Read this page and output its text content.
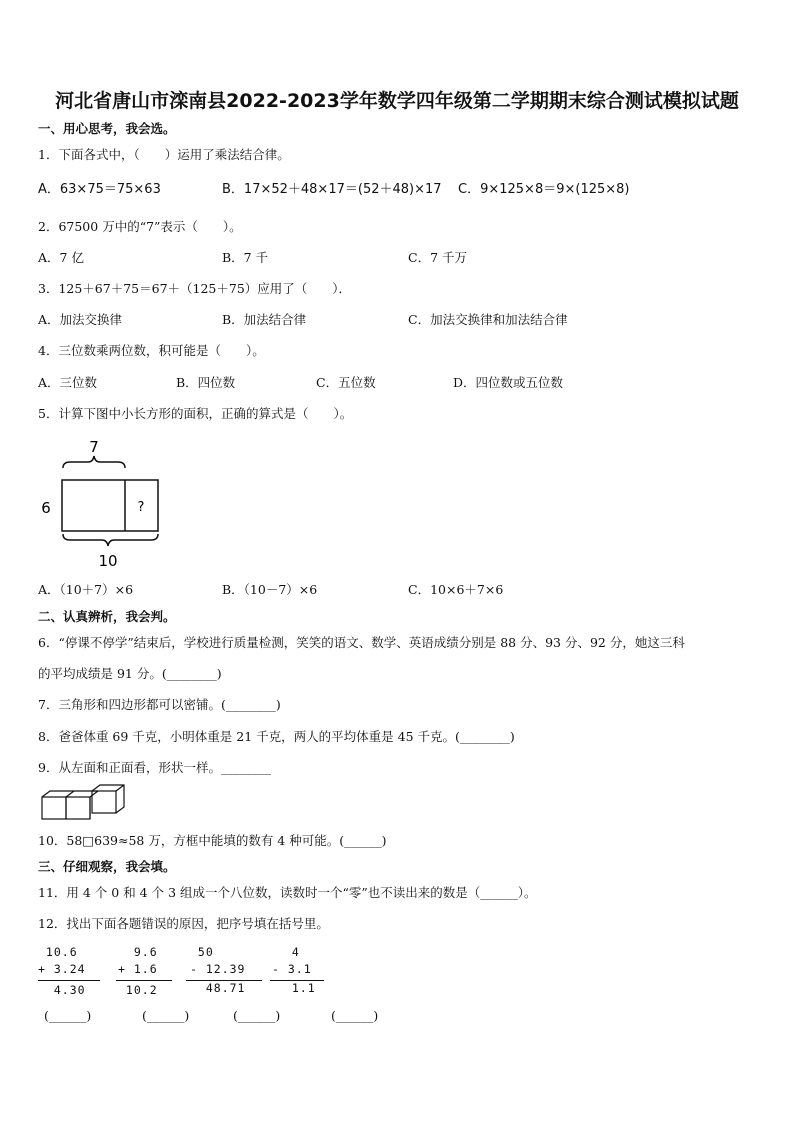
河北省唐山市滦南县2022-2023学年数学四年级第二学期期末综合测试模拟试题
一、用心思考，我会选。
1．下面各式中，（　　）运用了乘法结合律。
A．63×75＝75×63	B．17×52＋48×17＝(52＋48)×17 C．9×125×8＝9×(125×8)
2．67500 万中的“7”表示（　　）。
A．7 亿	B．7 千	C．7 千万
3．125＋67＋75＝67＋（125＋75）应用了（　　）．
A．加法交换律	B．加法结合律	C．加法交换律和加法结合律
4．三位数乘两位数，积可能是（　　）。
A．三位数	B．四位数	C．五位数	D．四位数或五位数
5．计算下图中小长方形的面积，正确的算式是（　　）。
7
6	?
10
A．（10＋7）×6	B．（10－7）×6	C．10×6＋7×6
二、认真辨析，我会判。
6．“停课不停学”结束后，学校进行质量检测，笑笑的语文、数学、英语成绩分别是 88 分、93 分、92 分，她这三科
的平均成绩是 91 分。(________)
7．三角形和四边形都可以密铺。(________)
8．爸爸体重 69 千克，小明体重是 21 千克，两人的平均体重是 45 千克。(________)
9．从左面和正面看，形状一样。________
10．58□639≈58 万，方框中能填的数有 4 种可能。(______)
三、仔细观察，我会填。
11．用 4 个 0 和 4 个 3 组成一个八位数，读数时一个“零”也不读出来的数是（______）。
12．找出下面各题错误的原因，把序号填在括号里。
10.6
+ 3.24
4.30
9.6
+ 1.6
10.2
50
- 12.39
48.71
4
- 3.1
1.1
(______)	(______)	(______)	(______)
